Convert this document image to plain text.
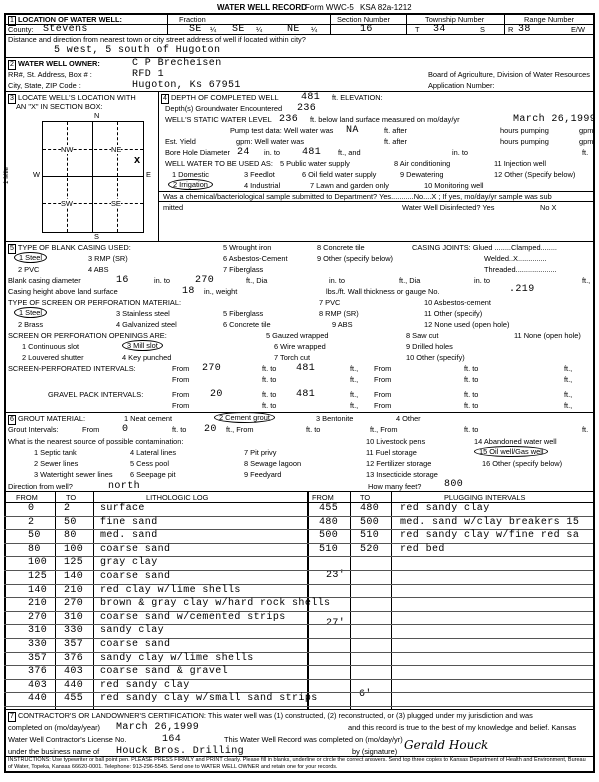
WATER WELL RECORD
Form WWC-5 KSA 82a-1212
1 LOCATION OF WATER WELL:	Fraction	Section Number	Township Number	Range Number
County: Stevens	SE ¼ SE ¼ NE ¼	16	T 34	S	R 38	E/W
Distance and direction from nearest town or city street address of well if located within city?
5 west, 5 south of Hugoton
2 WATER WELL OWNER:	C P Brecheisen
RR#, St. Address, Box # :	RFD 1	Board of Agriculture, Division of Water Resources
City, State, ZIP Code :	Hugoton, Ks 67951	Application Number:
3 LOCATE WELL'S LOCATION WITH
AN "X" IN SECTION BOX:
N
S
W	E
1 Mile
NW	NE
SW	SE
x
4 DEPTH OF COMPLETED WELL 481 ft. ELEVATION:
Depth(s) Groundwater Encountered 236
WELL'S STATIC WATER LEVEL 236 ft. below land surface measured on mo/day/yr	March 26,1999
Pump test data: Well water was NA	ft. after	hours pumping	gpm
Est. Yield	gpm: Well water was	ft. after	hours pumping	gpm
Bore Hole Diameter 24 in. to 481 ft., and	in. to	ft.
WELL WATER TO BE USED AS: 5 Public water supply	8 Air conditioning	11 Injection well
1 Domestic	3 Feedlot	6 Oil field water supply	9 Dewatering	12 Other (Specify below)
2 Irrigation	4 Industrial	7 Lawn and garden only	10 Monitoring well
Was a chemical/bacteriological sample submitted to Department? Yes...........No....X ; If yes, mo/day/yr sample was sub
mitted	Water Well Disinfected? Yes	No X
5 TYPE OF BLANK CASING USED:	5 Wrought iron	8 Concrete tile	CASING JOINTS: Glued ........Clamped........
1 Steel	3 RMP (SR)	6 Asbestos-Cement	9 Other (specify below)	Welded..X..............
2 PVC	4 ABS	7 Fiberglass	Threaded....................
Blank casing diameter	16	in. to 270	ft., Dia	in. to	ft., Dia	in. to	ft.,
Casing height above land surface	18 in., weight	lbs./ft. Wall thickness or gauge No.	.219
TYPE OF SCREEN OR PERFORATION MATERIAL:	7 PVC	10 Asbestos-cement
1 Steel	3 Stainless steel	5 Fiberglass	8 RMP (SR)	11 Other (specify)
2 Brass	4 Galvanized steel	6 Concrete tile	9 ABS	12 None used (open hole)
SCREEN OR PERFORATION OPENINGS ARE:	5 Gauzed wrapped	8 Saw cut	11 None (open hole)
1 Continuous slot	3 Mill slot	6 Wire wrapped	9 Drilled holes
2 Louvered shutter	4 Key punched	7 Torch cut	10 Other (specify)
SCREEN-PERFORATED INTERVALS:	From 270	ft. to 481	ft., From	ft. to	ft.,
From	ft. to	ft., From	ft. to	ft.,
GRAVEL PACK INTERVALS:	From 20	ft. to 481	ft., From	ft. to	ft.,
From	ft. to	ft., From	ft. to	ft.,
6 GROUT MATERIAL:	1 Neat cement	2 Cement grout	3 Bentonite	4 Other
Grout Intervals:	From 0	ft. to 20 ft., From	ft. to	ft., From	ft. to	ft.
What is the nearest source of possible contamination:	10 Livestock pens	14 Abandoned water well
1 Septic tank	4 Lateral lines	7 Pit privy	11 Fuel storage	15 Oil well/Gas well
2 Sewer lines	5 Cess pool	8 Sewage lagoon	12 Fertilizer storage	16 Other (specify below)
3 Watertight sewer lines 6 Seepage pit	9 Feedyard	13 Insecticide storage
Direction from well?	north	How many feet? 800
FROM	TO	LITHOLOGIC LOG	FROM	TO	PLUGGING INTERVALS
23'
27'
6'
7 CONTRACTOR'S OR LANDOWNER'S CERTIFICATION: This water well was (1) constructed, (2) reconstructed, or (3) plugged under my jurisdiction and was
completed on (mo/day/year) March 26,1999	and this record is true to the best of my knowledge and belief. Kansas
Water Well Contractor's License No.	164	This Water Well Record was completed on (mo/day/yr)
under the business name of Houck Bros. Drilling	by (signature) Gerald Houck
INSTRUCTIONS: Use typewriter or ball point pen. PLEASE PRESS FIRMLY and PRINT clearly. Please fill in blanks, underline or circle the correct answers. Send top three copies to Kansas Department of Health and Environment, Bureau of Water, Topeka, Kansas 66620-0001. Telephone: 913-296-5545. Send one to WATER WELL OWNER and retain one for your records.
0	2	surface
2	50 fine sand
50 80 med. sand
80 100 coarse sand
100 125 gray clay
125 140 coarse sand
140 210 red clay w/lime shells
210 270 brown & gray clay w/hard rock shells
270 310 coarse sand w/cemented strips
310 330 sandy clay
330 357 coarse sand
357 376 sandy clay w/lime shells
376 403 coarse sand & gravel
403 440 red sandy clay
440 455 red sandy clay w/small sand strips
455 480 red sandy clay
480 500 med. sand w/clay breakers 15
500 510 red sandy clay w/fine red sa
510 520 red bed
